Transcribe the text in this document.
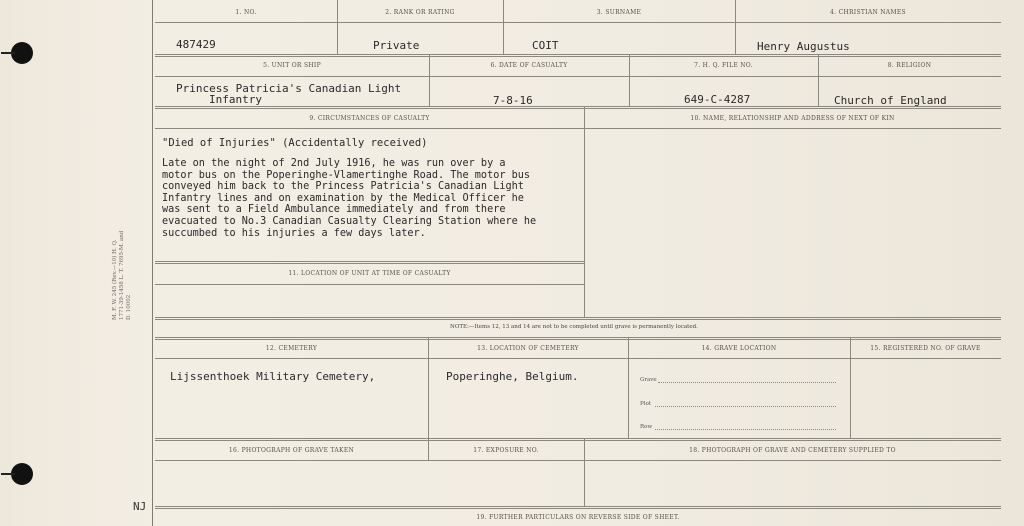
M. F. W. 245 (Rev.—10) H. Q. 1771-39-1458 L. T. 7695-M. and D. 10002
NJ
1. NO.
487429
2. RANK OR RATING
Private
3. SURNAME
COIT
4. CHRISTIAN NAMES
Henry Augustus
5. UNIT OR SHIP
Princess Patricia's Canadian Light
Infantry
6. DATE OF CASUALTY
7-8-16
7. H. Q. FILE NO.
649-C-4287
8. RELIGION
Church of England
9. CIRCUMSTANCES OF CASUALTY
"Died of Injuries" (Accidentally received)
Late on the night of 2nd July 1916, he was run over by a
motor bus on the Poperinghe-Vlamertinghe Road. The motor bus
conveyed him back to the Princess Patricia's Canadian Light
Infantry lines and on examination by the Medical Officer he
was sent to a Field Ambulance immediately and from there
evacuated to No.3 Canadian Casualty Clearing Station where he
succumbed to his injuries a few days later.
10. NAME, RELATIONSHIP AND ADDRESS OF NEXT OF KIN
11. LOCATION OF UNIT AT TIME OF CASUALTY
NOTE:—Items 12, 13 and 14 are not to be completed until grave is permanently located.
12. CEMETERY
Lijssenthoek Military Cemetery,
13. LOCATION OF CEMETERY
Poperinghe, Belgium.
14. GRAVE LOCATION
Grave
Plot
Row
15. REGISTERED NO. OF GRAVE
16. PHOTOGRAPH OF GRAVE TAKEN	17. EXPOSURE NO.	18. PHOTOGRAPH OF GRAVE AND CEMETERY SUPPLIED TO
19. FURTHER PARTICULARS ON REVERSE SIDE OF SHEET.
